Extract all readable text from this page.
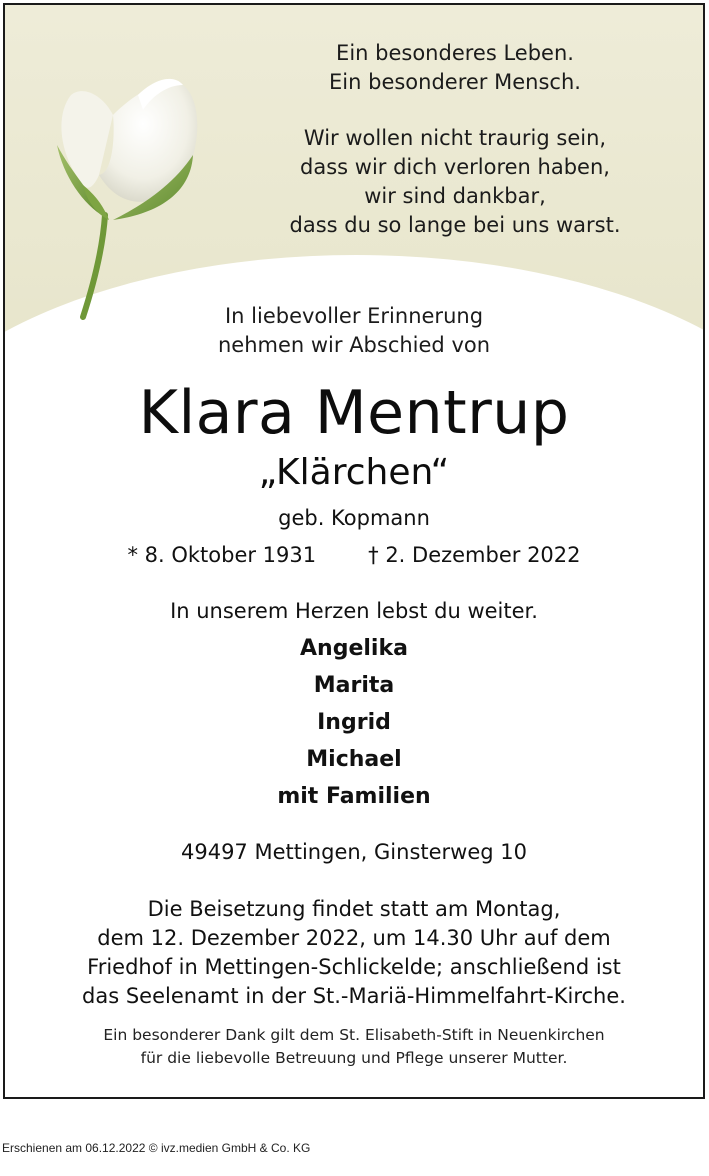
Ein besonderes Leben.

Ein besonderer Mensch.

Wir wollen nicht traurig sein,

dass wir dich verloren haben,

wir sind dankbar,

dass du so lange bei uns warst.

In liebevoller Erinnerung

nehmen wir Abschied von

Klara Mentrup
„Klärchen“
geb. Kopmann
* 8. Oktober 1931 † 2. Dezember 2022
In unserem Herzen lebst du weiter.
Angelika
Marita
Ingrid
Michael
mit Familien
49497 Mettingen, Ginsterweg 10

Die Beisetzung findet statt am Montag,

dem 12. Dezember 2022, um 14.30 Uhr auf dem

Friedhof in Mettingen-Schlickelde; anschließend ist

das Seelenamt in der St.-Mariä-Himmelfahrt-Kirche.

Ein besonderer Dank gilt dem St. Elisabeth-Stift in Neuenkirchen

für die liebevolle Betreuung und Pflege unserer Mutter.

Erschienen am 06.12.2022 © ivz.medien GmbH & Co. KG
